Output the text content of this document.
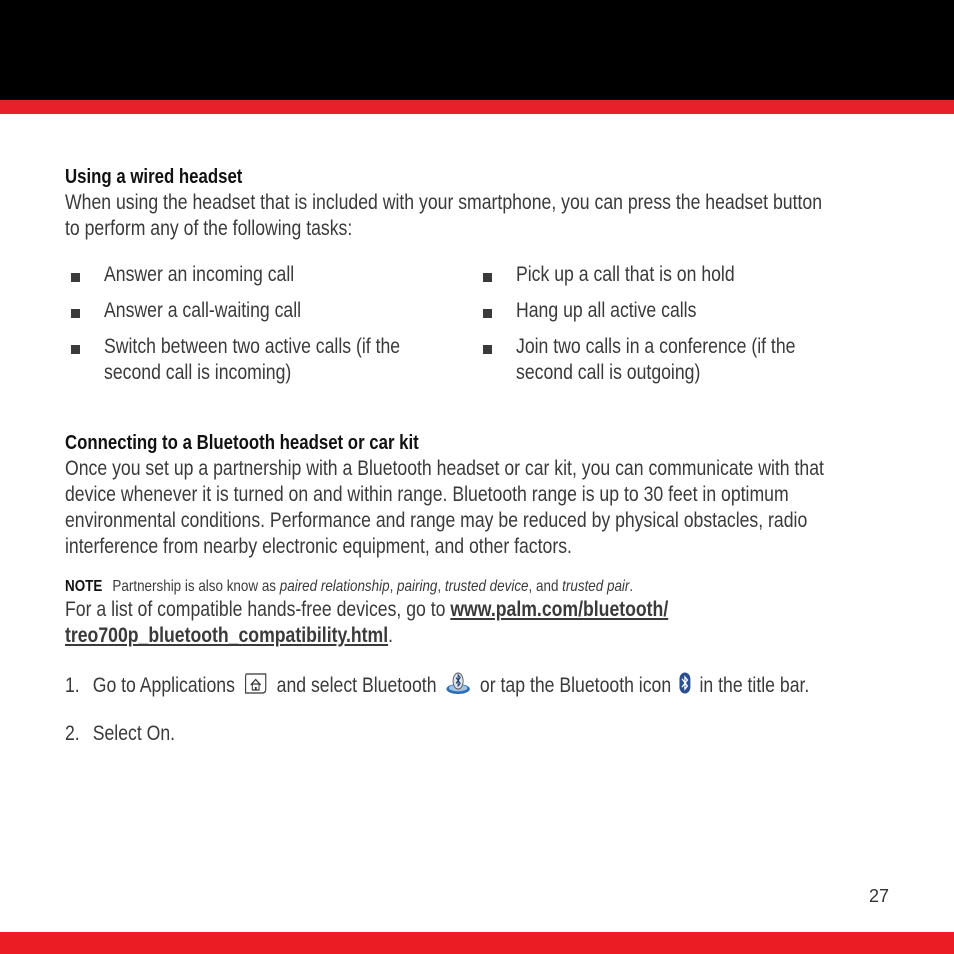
Using a wired headset

When using the headset that is included with your smartphone, you can press the headset button
to perform any of the following tasks:

Answer an incoming call
Answer a call-waiting call
Switch between two active calls (if the
second call is incoming)
Pick up a call that is on hold
Hang up all active calls
Join two calls in a conference (if the
second call is outgoing)
Connecting to a Bluetooth headset or car kit

Once you set up a partnership with a Bluetooth headset or car kit, you can communicate with that
device whenever it is turned on and within range. Bluetooth range is up to 30 feet in optimum
environmental conditions. Performance and range may be reduced by physical obstacles, radio
interference from nearby electronic equipment, and other factors.

NOTE Partnership is also know as paired relationship, pairing, trusted device, and trusted pair.

For a list of compatible hands-free devices, go to www.palm.com/bluetooth/
treo700p_bluetooth_compatibility.html.

1. Go to Applications and select Bluetooth or tap the Bluetooth icon in the title bar.
2. Select On.
27
